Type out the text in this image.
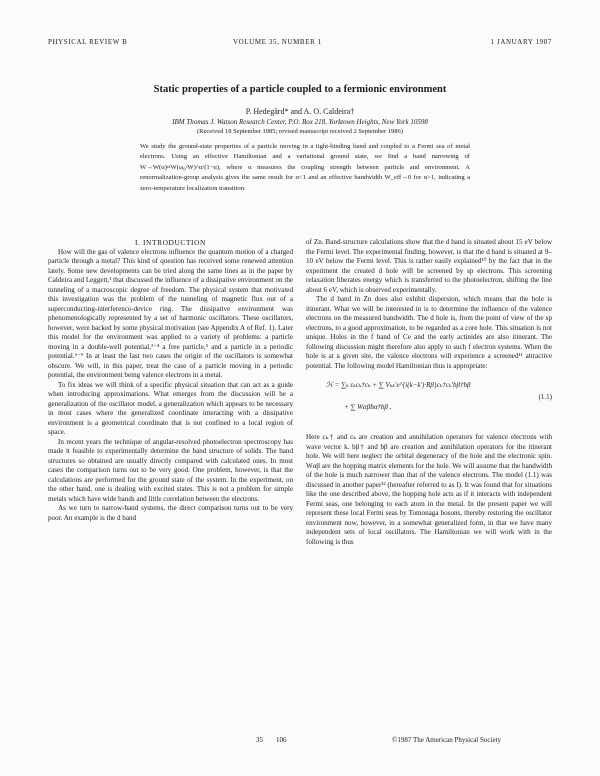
PHYSICAL REVIEW B	VOLUME 35, NUMBER 1	1 JANUARY 1987
Static properties of a particle coupled to a fermionic environment
P. Hedegård* and A. O. Caldeira†
IBM Thomas J. Watson Research Center, P.O. Box 218, Yorktown Heights, New York 10598
(Received 18 September 1985; revised manuscript received 2 September 1986)
We study the ground-state properties of a particle moving in a tight-binding band and coupled to a Fermi sea of metal electrons. Using an effective Hamiltonian and a variational ground state, we find a band narrowing of W→W(α)≈W(ω₀/W)^α/(1−α), where α measures the coupling strength between particle and environment. A renormalization-group analysis gives the same result for α<1 and an effective bandwidth W_eff→0 for α>1, indicating a zero-temperature localization transition.

I. INTRODUCTION

How will the gas of valence electrons influence the quantum motion of a charged particle through a metal? This kind of question has received some renewed attention lately. Some new developments can be tried along the same lines as in the paper by Caldeira and Leggett,¹ that discussed the influence of a dissipative environment on the tunneling of a macroscopic degree of freedom. The physical system that motivated this investigation was the problem of the tunneling of magnetic flux out of a superconducting-interference-device ring. The dissipative environment was phenomenologically represented by a set of harmonic oscillators. These oscillators, however, were backed by some physical motivation (see Appendix A of Ref. 1). Later this model for the environment was applied to a variety of problems: a particle moving in a double-well potential,²⁻⁴ a free particle,⁵ and a particle in a periodic potential.⁶⁻⁹ In at least the last two cases the origin of the oscillators is somewhat obscure. We will, in this paper, treat the case of a particle moving in a periodic potential, the environment being valence electrons in a metal.

To fix ideas we will think of a specific physical situation that can act as a guide when introducing approximations. What emerges from the discussion will be a generalization of the oscillator model, a generalization which appears to be necessary in most cases where the generalized coordinate interacting with a dissipative environment is a geometrical coordinate that is not confined to a local region of space.

In recent years the technique of angular-resolved photoelectron spectroscopy has made it feasible to experimentally determine the band structure of solids. The band structures so obtained are usually directly compared with calculated ones. In most cases the comparison turns out to be very good. One problem, however, is that the calculations are performed for the ground state of the system. In the experiment, on the other hand, one is dealing with excited states. This is not a problem for simple metals which have wide bands and little correlation between the electrons.

As we turn to narrow-band systems, the direct comparison turns out to be very poor. An example is the d band

of Zn. Band-structure calculations show that the d band is situated about 15 eV below the Fermi level. The experimental finding, however, is that the d band is situated at 9–10 eV below the Fermi level. This is rather easily explained¹⁰ by the fact that in the experiment the created d hole will be screened by sp electrons. This screening relaxation liberates energy which is transferred to the photoelectron, shifting the line about 6 eV, which is observed experimentally.

The d band in Zn does also exhibit dispersion, which means that the hole is itinerant. What we will be interested in is to determine the influence of the valence electrons on the measured bandwidth. The d hole is, from the point of view of the sp electrons, to a good approximation, to be regarded as a core hole. This situation is not unique. Holes in the f band of Ce and the early actinides are also itinerant. The following discussion might therefore also apply to such f electron systems. When the hole is at a given site, the valence electrons will experience a screened¹¹ attractive potential. The following model Hamiltonian thus is appropriate:

ℋ = ∑ₖ εₖcₖ†cₖ + ∑ Vₖₖ′e^{i(k−k′)·Rβ}cₖ†cₖ′bβ†bβ
+ ∑ Wαβbα†bβ ,
(1.1)

Here cₖ† and cₖ are creation and annihilation operators for valence electrons with wave vector k. bβ† and bβ are creation and annihilation operators for the itinerant hole. We will here neglect the orbital degeneracy of the hole and the electronic spin. Wαβ are the hopping matrix elements for the hole. We will assume that the bandwidth of the hole is much narrower than that of the valence electrons. The model (1.1) was discussed in another paper¹² (hereafter referred to as I). It was found that for situations like the one described above, the hopping hole acts as if it interacts with independent Fermi seas, one belonging to each atom in the metal. In the present paper we will represent these local Fermi seas by Tomonaga bosons, thereby restoring the oscillator environment now, however, in a somewhat generalized form, in that we have many independent sets of local oscillators. The Hamiltonian we will work with in the following is thus

35 106	©1987 The American Physical Society
